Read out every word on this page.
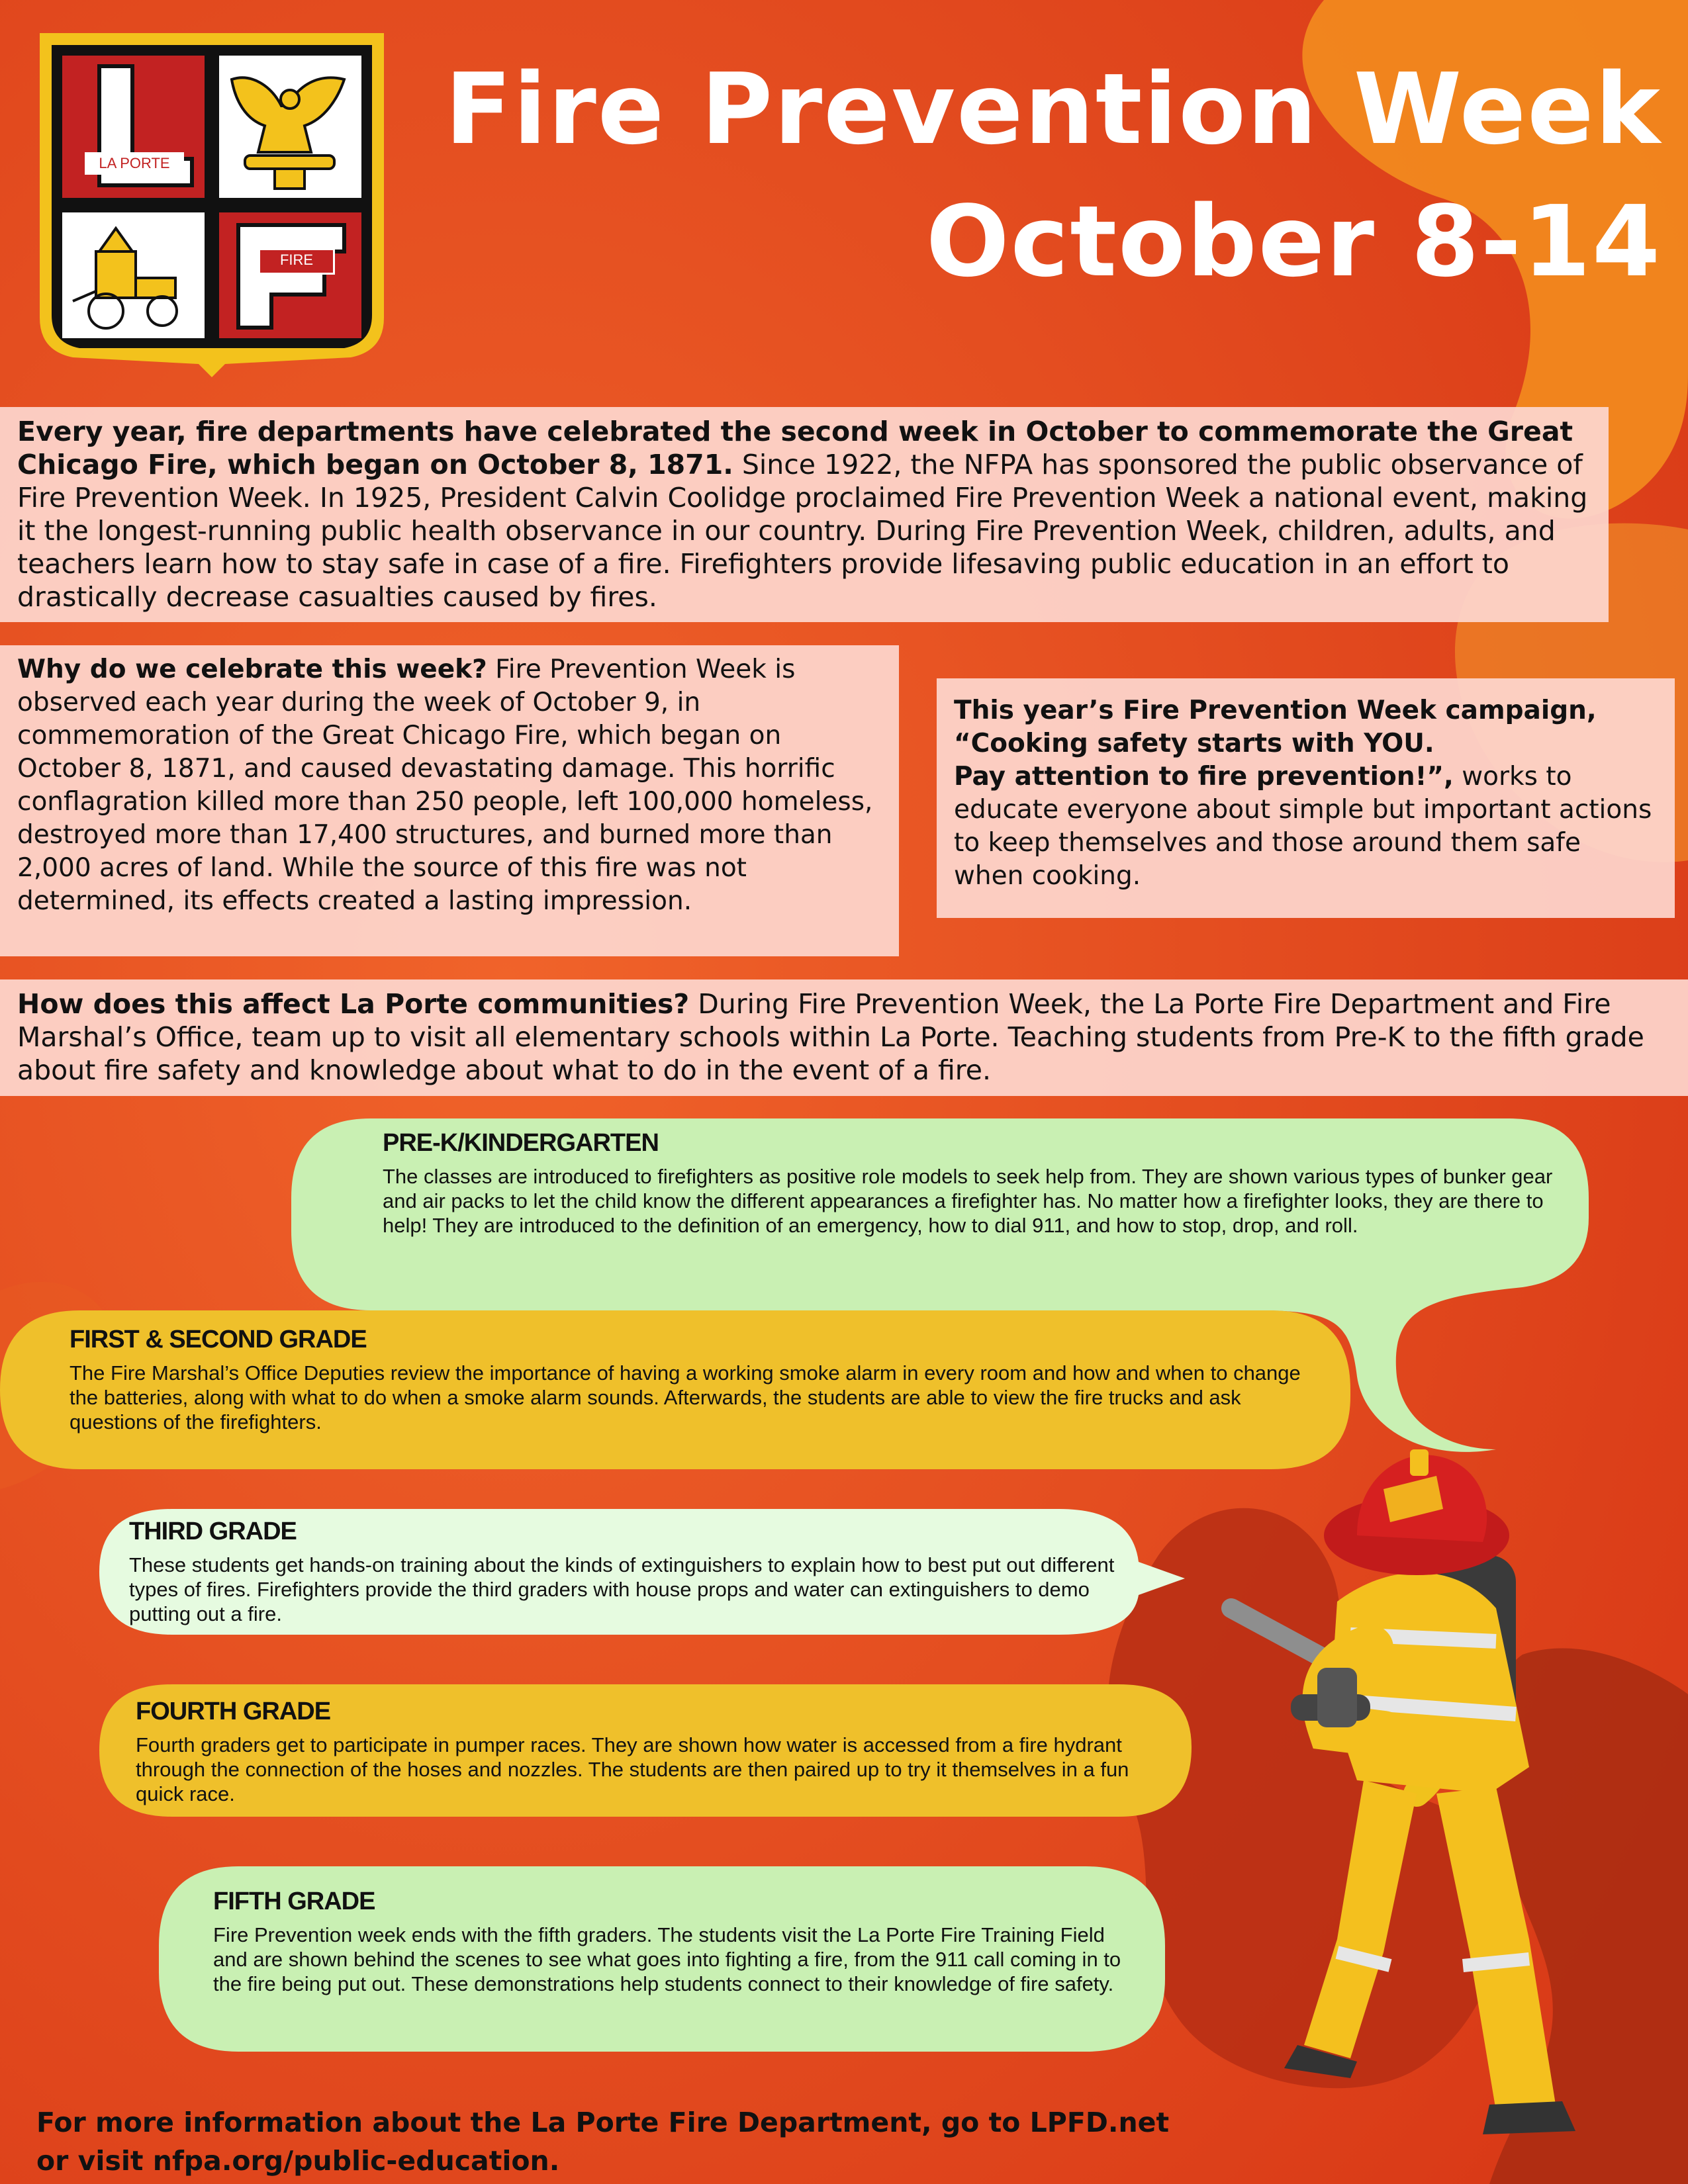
LA PORTE
FIRE
Fire Prevention Week
October 8-14

Every year, fire departments have celebrated the second week in October to commemorate the Great Chicago Fire, which began on October 8, 1871. Since 1922, the NFPA has sponsored the public observance of Fire Prevention Week. In 1925, President Calvin Coolidge proclaimed Fire Prevention Week a national event, making it the longest-running public health observance in our country. During Fire Prevention Week, children, adults, and teachers learn how to stay safe in case of a fire. Firefighters provide lifesaving public education in an effort to drastically decrease casualties caused by fires.

Why do we celebrate this week? Fire Prevention Week is observed each year during the week of October 9, in commemoration of the Great Chicago Fire, which began on October 8, 1871, and caused devastating damage. This horrific conflagration killed more than 250 people, left 100,000 homeless, destroyed more than 17,400 structures, and burned more than 2,000 acres of land. While the source of this fire was not determined, its effects created a lasting impression.

This year’s Fire Prevention Week campaign,
“Cooking safety starts with YOU.
Pay attention to fire prevention!”, works to educate everyone about simple but important actions to keep themselves and those around them safe when cooking.

How does this affect La Porte communities? During Fire Prevention Week, the La Porte Fire Department and Fire Marshal’s Office, team up to visit all elementary schools within La Porte. Teaching students from Pre-K to the fifth grade about fire safety and knowledge about what to do in the event of a fire.

PRE-K/KINDERGARTEN

The classes are introduced to firefighters as positive role models to seek help from. They are shown various types of bunker gear and air packs to let the child know the different appearances a firefighter has. No matter how a firefighter looks, they are there to help! They are introduced to the definition of an emergency, how to dial 911, and how to stop, drop, and roll.

FIRST & SECOND GRADE

The Fire Marshal’s Office Deputies review the importance of having a working smoke alarm in every room and how and when to change the batteries, along with what to do when a smoke alarm sounds. Afterwards, the students are able to view the fire trucks and ask questions of the firefighters.

THIRD GRADE

These students get hands-on training about the kinds of extinguishers to explain how to best put out different types of fires. Firefighters provide the third graders with house props and water can extinguishers to demo putting out a fire.

FOURTH GRADE

Fourth graders get to participate in pumper races. They are shown how water is accessed from a fire hydrant through the connection of the hoses and nozzles. The students are then paired up to try it themselves in a fun quick race.

FIFTH GRADE

Fire Prevention week ends with the fifth graders. The students visit the La Porte Fire Training Field and are shown behind the scenes to see what goes into fighting a fire, from the 911 call coming in to the fire being put out. These demonstrations help students connect to their knowledge of fire safety.

For more information about the La Porte Fire Department, go to LPFD.net
or visit nfpa.org/public-education.
